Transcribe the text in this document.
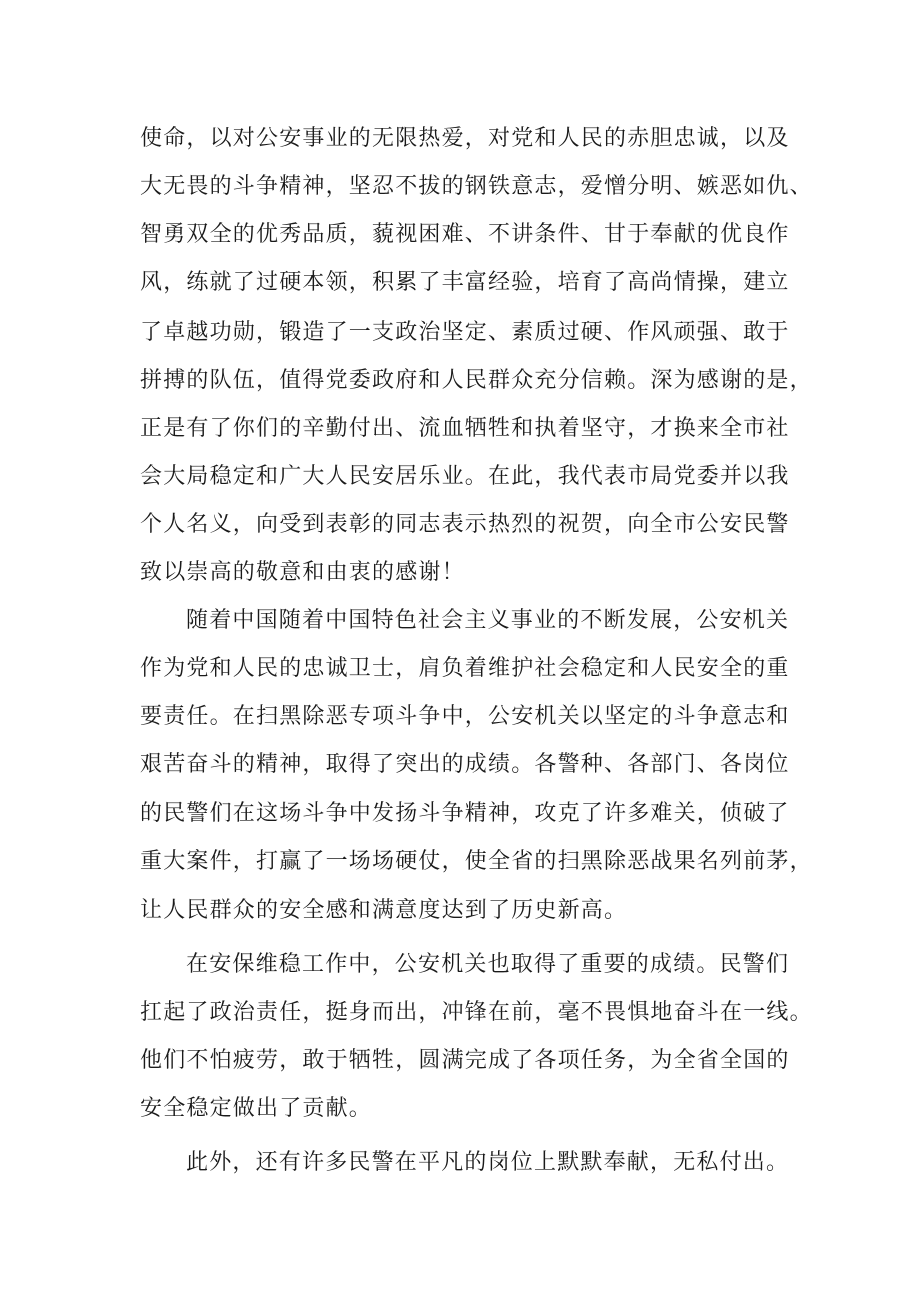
使命，以对公安事业的无限热爱，对党和人民的赤胆忠诚，以及
大无畏的斗争精神，坚忍不拔的钢铁意志，爱憎分明、嫉恶如仇、
智勇双全的优秀品质，藐视困难、不讲条件、甘于奉献的优良作
风，练就了过硬本领，积累了丰富经验，培育了高尚情操，建立
了卓越功勋，锻造了一支政治坚定、素质过硬、作风顽强、敢于
拼搏的队伍，值得党委政府和人民群众充分信赖。深为感谢的是，
正是有了你们的辛勤付出、流血牺牲和执着坚守，才换来全市社
会大局稳定和广大人民安居乐业。在此，我代表市局党委并以我
个人名义，向受到表彰的同志表示热烈的祝贺，向全市公安民警
致以崇高的敬意和由衷的感谢！
随着中国随着中国特色社会主义事业的不断发展，公安机关
作为党和人民的忠诚卫士，肩负着维护社会稳定和人民安全的重
要责任。在扫黑除恶专项斗争中，公安机关以坚定的斗争意志和
艰苦奋斗的精神，取得了突出的成绩。各警种、各部门、各岗位
的民警们在这场斗争中发扬斗争精神，攻克了许多难关，侦破了
重大案件，打赢了一场场硬仗，使全省的扫黑除恶战果名列前茅，
让人民群众的安全感和满意度达到了历史新高。
在安保维稳工作中，公安机关也取得了重要的成绩。民警们
扛起了政治责任，挺身而出，冲锋在前，毫不畏惧地奋斗在一线。
他们不怕疲劳，敢于牺牲，圆满完成了各项任务，为全省全国的
安全稳定做出了贡献。
此外，还有许多民警在平凡的岗位上默默奉献，无私付出。
